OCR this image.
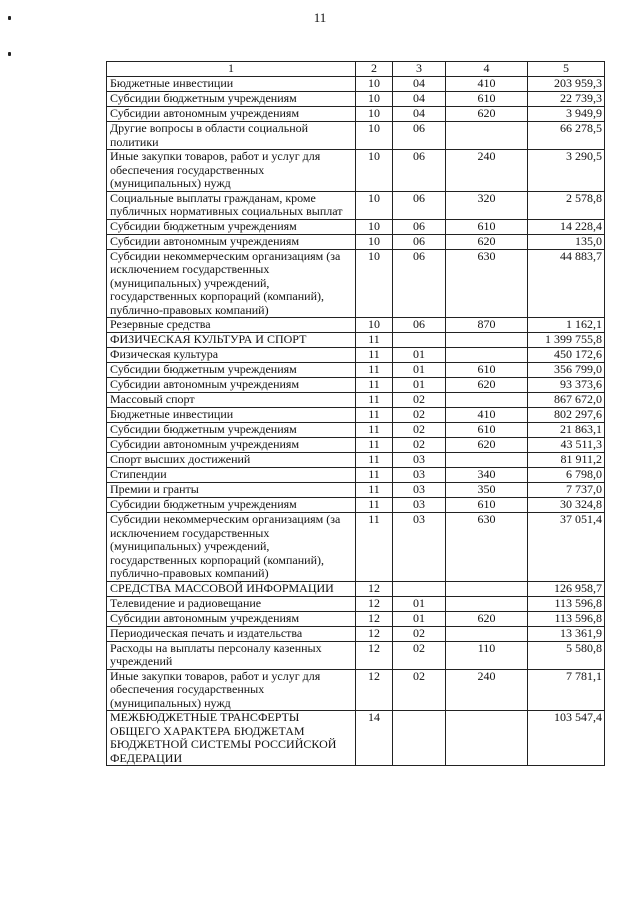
11
1	2	3	4	5
Бюджетные инвестиции	10	04	410	203 959,3
Субсидии бюджетным учреждениям	10	04	610	22 739,3
Субсидии автономным учреждениям	10	04	620	3 949,9
Другие вопросы в области социальной политики	10	06		66 278,5
Иные закупки товаров, работ и услуг для обеспечения государственных (муниципальных) нужд	10	06	240	3 290,5
Социальные выплаты гражданам, кроме публичных нормативных социальных выплат	10	06	320	2 578,8
Субсидии бюджетным учреждениям	10	06	610	14 228,4
Субсидии автономным учреждениям	10	06	620	135,0
Субсидии некоммерческим организациям (за исключением государственных (муниципальных) учреждений, государственных корпораций (компаний), публично-правовых компаний)	10	06	630	44 883,7
Резервные средства	10	06	870	1 162,1
ФИЗИЧЕСКАЯ КУЛЬТУРА И СПОРТ	11			1 399 755,8
Физическая культура	11	01		450 172,6
Субсидии бюджетным учреждениям	11	01	610	356 799,0
Субсидии автономным учреждениям	11	01	620	93 373,6
Массовый спорт	11	02		867 672,0
Бюджетные инвестиции	11	02	410	802 297,6
Субсидии бюджетным учреждениям	11	02	610	21 863,1
Субсидии автономным учреждениям	11	02	620	43 511,3
Спорт высших достижений	11	03		81 911,2
Стипендии	11	03	340	6 798,0
Премии и гранты	11	03	350	7 737,0
Субсидии бюджетным учреждениям	11	03	610	30 324,8
Субсидии некоммерческим организациям (за исключением государственных (муниципальных) учреждений, государственных корпораций (компаний), публично-правовых компаний)	11	03	630	37 051,4
СРЕДСТВА МАССОВОЙ ИНФОРМАЦИИ	12			126 958,7
Телевидение и радиовещание	12	01		113 596,8
Субсидии автономным учреждениям	12	01	620	113 596,8
Периодическая печать и издательства	12	02		13 361,9
Расходы на выплаты персоналу казенных учреждений	12	02	110	5 580,8
Иные закупки товаров, работ и услуг для обеспечения государственных (муниципальных) нужд	12	02	240	7 781,1
МЕЖБЮДЖЕТНЫЕ ТРАНСФЕРТЫ ОБЩЕГО ХАРАКТЕРА БЮДЖЕТАМ БЮДЖЕТНОЙ СИСТЕМЫ РОССИЙСКОЙ ФЕДЕРАЦИИ	14			103 547,4
